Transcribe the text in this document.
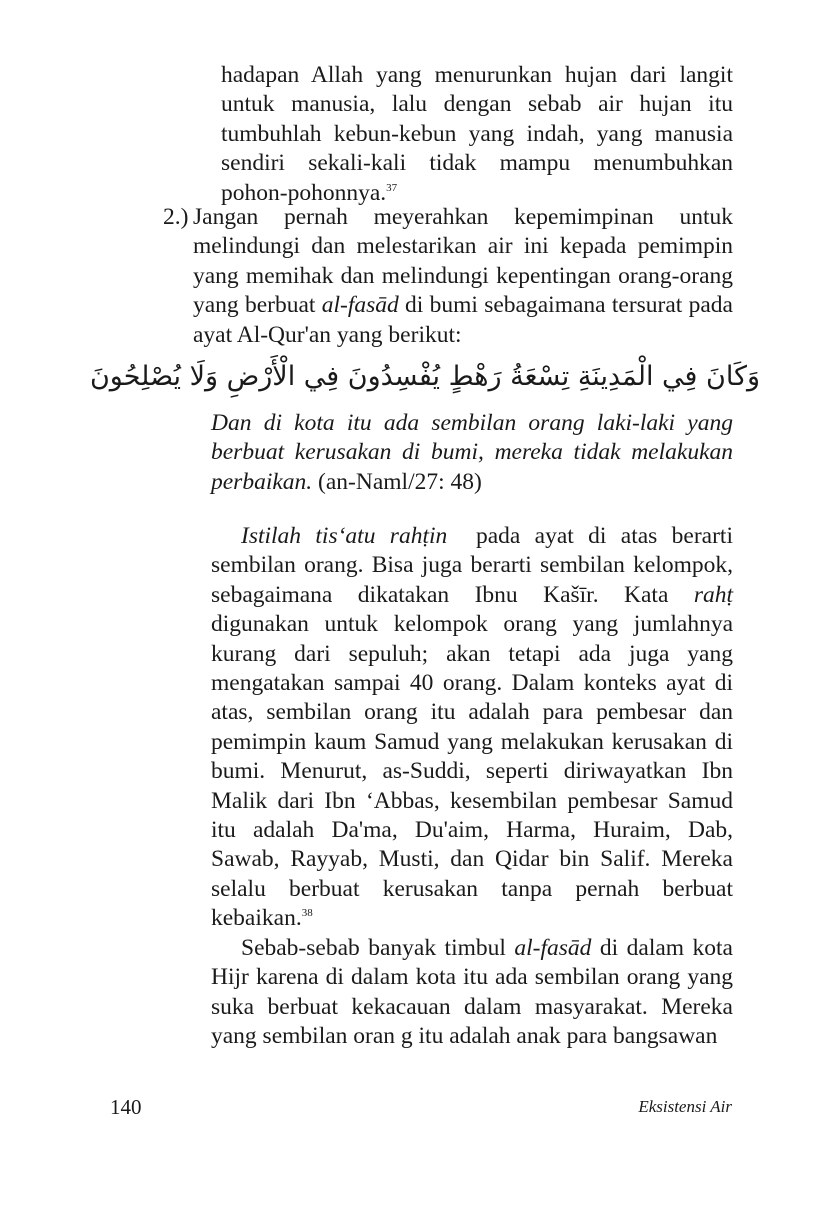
hadapan Allah yang menurunkan hujan dari langit untuk manusia, lalu dengan sebab air hujan itu tumbuhlah kebun-kebun yang indah, yang manusia sendiri sekali-kali tidak mampu menumbuhkan pohon-pohonnya.$^{37}$

2.) Jangan pernah meyerahkan kepemimpinan untuk melindungi dan melestarikan air ini kepada pemimpin yang memihak dan melindungi kepentingan orang-orang yang berbuat al-fasād di bumi sebagaimana tersurat pada ayat Al-Qur'an yang berikut:

وَكَانَ فِي الْمَدِينَةِ تِسْعَةُ رَهْطٍ يُفْسِدُونَ فِي الْأَرْضِ وَلَا يُصْلِحُونَ

Dan di kota itu ada sembilan orang laki-laki yang berbuat kerusakan di bumi, mereka tidak melakukan perbaikan. (an-Naml/27: 48)

Istilah tisʻatu rahṭin  pada ayat di atas berarti sembilan orang. Bisa juga berarti sembilan kelompok, sebagaimana dikatakan Ibnu Kašīr. Kata rahṭ digunakan untuk kelompok orang yang jumlahnya kurang dari sepuluh; akan tetapi ada juga yang mengatakan sampai 40 orang. Dalam konteks ayat di atas, sembilan orang itu adalah para pembesar dan pemimpin kaum Samud yang melakukan kerusakan di bumi. Menurut, as-Suddi, seperti diriwayatkan Ibn Malik dari Ibn ʻAbbas, kesembilan pembesar Samud itu adalah Da'ma, Du'aim, Harma, Huraim, Dab, Sawab, Rayyab, Musti, dan Qidar bin Salif. Mereka selalu berbuat kerusakan tanpa pernah berbuat kebaikan.$^{38}$

Sebab-sebab banyak timbul al-fasād di dalam kota Hijr karena di dalam kota itu ada sembilan orang yang suka berbuat kekacauan dalam masyarakat. Mereka yang sembilan oran g itu adalah anak para bangsawan

140	Eksistensi Air
